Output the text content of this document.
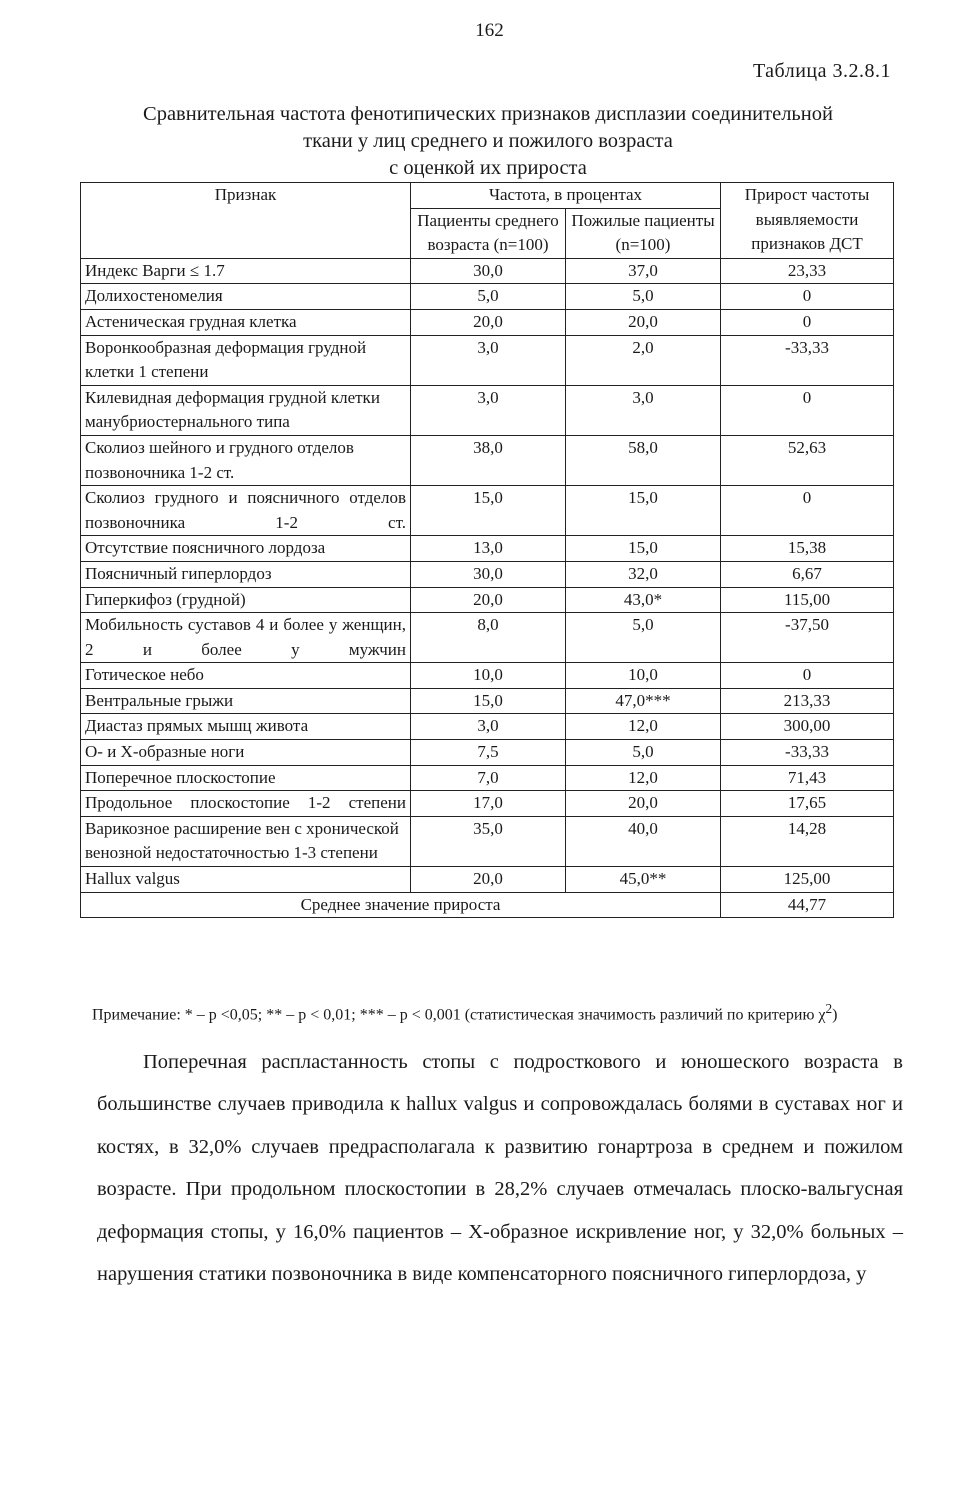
162
Таблица 3.2.8.1
Сравнительная частота фенотипических признаков дисплазии соединительной
ткани у лиц среднего и пожилого возраста
с оценкой их прироста
Признак	Частота, в процентах		Прирост частоты выявляемости признаков ДСТ
	Пациенты среднего возраста (n=100)	Пожилые пациенты (n=100)	
Индекс Варги ≤ 1.7	30,0	37,0	23,33
Долихостеномелия	5,0	5,0	0
Астеническая грудная клетка	20,0	20,0	0
Воронкообразная деформация грудной клетки 1 степени	3,0	2,0	-33,33
Килевидная деформация грудной клетки манубриостернального типа	3,0	3,0	0
Сколиоз шейного и грудного отделов позвоночника 1-2 ст.	38,0	58,0	52,63
Сколиоз грудного и поясничного отделов позвоночника 1-2 ст.	15,0	15,0	0
Отсутствие поясничного лордоза	13,0	15,0	15,38
Поясничный гиперлордоз	30,0	32,0	6,67
Гиперкифоз (грудной)	20,0	43,0*	115,00
Мобильность суставов 4 и более у женщин, 2 и более у мужчин	8,0	5,0	-37,50
Готическое небо	10,0	10,0	0
Вентральные грыжи	15,0	47,0***	213,33
Диастаз прямых мышц живота	3,0	12,0	300,00
О- и Х-образные ноги	7,5	5,0	-33,33
Поперечное плоскостопие	7,0	12,0	71,43
Продольное плоскостопие 1-2 степени	17,0	20,0	17,65
Варикозное расширение вен с хронической венозной недостаточностью 1-3 степени	35,0	40,0	14,28
Hallux valgus	20,0	45,0**	125,00
Среднее значение прироста			44,77
Примечание: * – p <0,05; ** – p < 0,01; *** – p < 0,001 (статистическая значимость различий по критерию $\chi^2$)
Поперечная распластанность стопы с подросткового и юношеского возраста в большинстве случаев приводила к hallux valgus и сопровождалась болями в суставах ног и костях, в 32,0% случаев предрасполагала к развитию гонартроза в среднем и пожилом возрасте. При продольном плоскостопии в 28,2% случаев отмечалась плоско-вальгусная деформация стопы, у 16,0% пациентов – Х-образное искривление ног, у 32,0% больных – нарушения статики позвоночника в виде компенсаторного поясничного гиперлордоза, у
